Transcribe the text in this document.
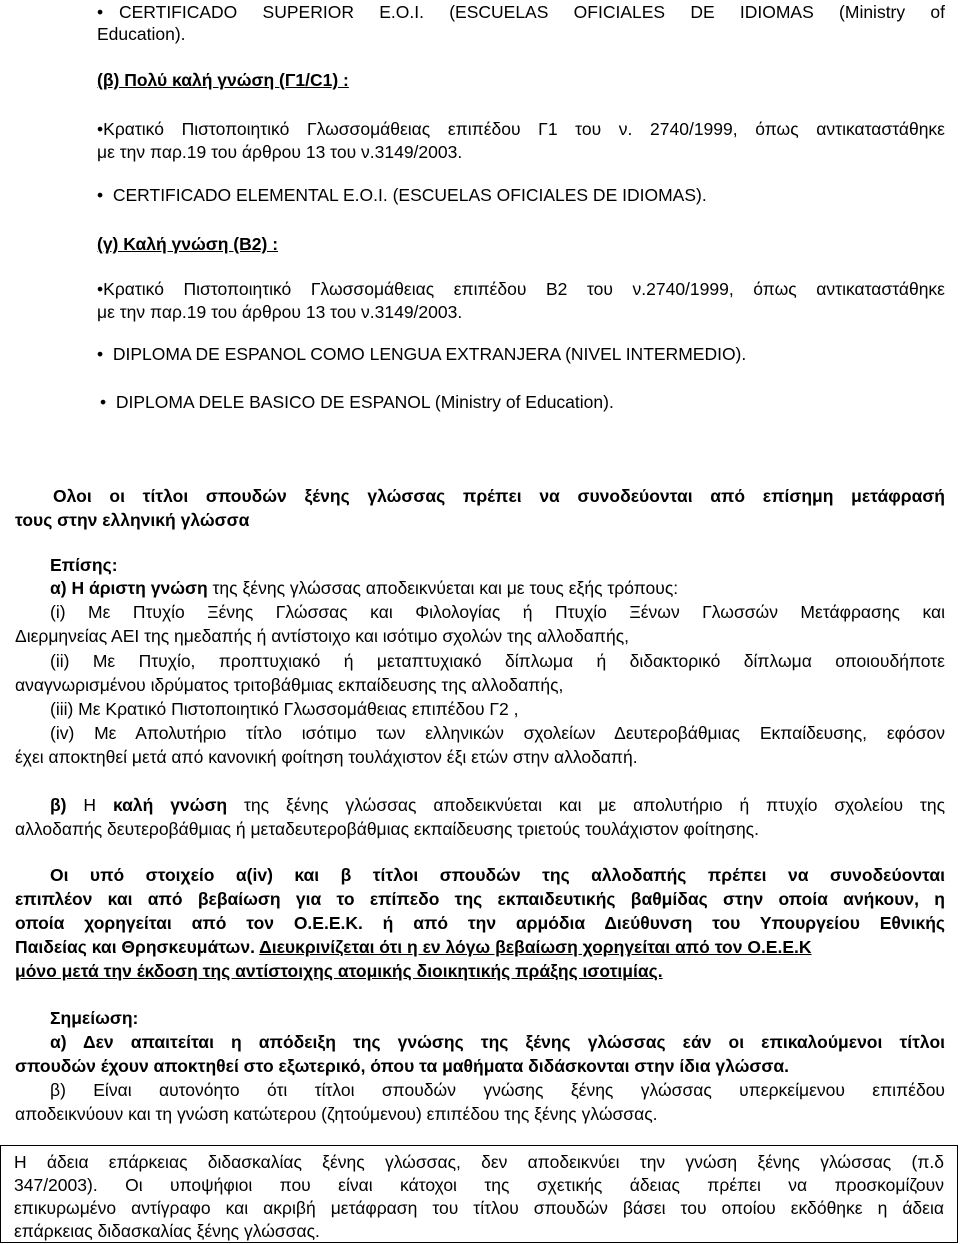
• CERTIFICADO SUPERIOR E.O.I. (ESCUELAS OFICIALES DE IDIOMAS (Ministry of
Education).
(β) Πολύ καλή γνώση (Γ1/C1) :
•Κρατικό Πιστοποιητικό Γλωσσομάθειας επιπέδου Γ1 του ν. 2740/1999, όπως αντικαταστάθηκε
με την παρ.19 του άρθρου 13 του ν.3149/2003.
• CERTIFICADO ELEMENTAL E.O.I. (ESCUELAS OFICIALES DE IDIOMAS).
(γ) Καλή γνώση (Β2) :
•Κρατικό Πιστοποιητικό Γλωσσομάθειας επιπέδου Β2 του ν.2740/1999, όπως αντικαταστάθηκε
με την παρ.19 του άρθρου 13 του ν.3149/2003.
• DIPLOMA DE ESPANOL COMO LENGUA EXTRANJERA (NIVEL INTERMEDIO).
• DIPLOMA DELE BASICO DE ESPANOL (Ministry of Education).
Ολοι οι τίτλοι σπουδών ξένης γλώσσας πρέπει να συνοδεύονται από επίσημη μετάφρασή
τους στην ελληνική γλώσσα
Επίσης:
α) Η άριστη γνώση της ξένης γλώσσας αποδεικνύεται και με τους εξής τρόπους:
(i) Με Πτυχίο Ξένης Γλώσσας και Φιλολογίας ή Πτυχίο Ξένων Γλωσσών Μετάφρασης και
Διερμηνείας ΑΕΙ της ημεδαπής ή αντίστοιχο και ισότιμο σχολών της αλλοδαπής,
(ii) Με Πτυχίο, προπτυχιακό ή μεταπτυχιακό δίπλωμα ή διδακτορικό δίπλωμα οποιουδήποτε
αναγνωρισμένου ιδρύματος τριτοβάθμιας εκπαίδευσης της αλλοδαπής,
(iii) Με Κρατικό Πιστοποιητικό Γλωσσομάθειας επιπέδου Γ2 ,
(iv) Με Απολυτήριο τίτλο ισότιμο των ελληνικών σχολείων Δευτεροβάθμιας Εκπαίδευσης, εφόσον
έχει αποκτηθεί μετά από κανονική φοίτηση τουλάχιστον έξι ετών στην αλλοδαπή.
β) Η καλή γνώση της ξένης γλώσσας αποδεικνύεται και με απολυτήριο ή πτυχίο σχολείου της
αλλοδαπής δευτεροβάθμιας ή μεταδευτεροβάθμιας εκπαίδευσης τριετούς τουλάχιστον φοίτησης.
Οι υπό στοιχείο α(iv) και β τίτλοι σπουδών της αλλοδαπής πρέπει να συνοδεύονται
επιπλέον και από βεβαίωση για το επίπεδο της εκπαιδευτικής βαθμίδας στην οποία ανήκουν, η
οποία χορηγείται από τον Ο.Ε.Ε.Κ. ή από την αρμόδια Διεύθυνση του Υπουργείου Εθνικής
Παιδείας και Θρησκευμάτων. Διευκρινίζεται ότι η εν λόγω βεβαίωση χορηγείται από τον Ο.Ε.Ε.Κ
μόνο μετά την έκδοση της αντίστοιχης ατομικής διοικητικής πράξης ισοτιμίας.
Σημείωση:
α) Δεν απαιτείται η απόδειξη της γνώσης της ξένης γλώσσας εάν οι επικαλούμενοι τίτλοι
σπουδών έχουν αποκτηθεί στο εξωτερικό, όπου τα μαθήματα διδάσκονται στην ίδια γλώσσα.
β) Είναι αυτονόητο ότι τίτλοι σπουδών γνώσης ξένης γλώσσας υπερκείμενου επιπέδου
αποδεικνύουν και τη γνώση κατώτερου (ζητούμενου) επιπέδου της ξένης γλώσσας.
Η άδεια επάρκειας διδασκαλίας ξένης γλώσσας, δεν αποδεικνύει την γνώση ξένης γλώσσας (π.δ
347/2003). Οι υποψήφιοι που είναι κάτοχοι της σχετικής άδειας πρέπει να προσκομίζουν
επικυρωμένο αντίγραφο και ακριβή μετάφραση του τίτλου σπουδών βάσει του οποίου εκδόθηκε η άδεια
επάρκειας διδασκαλίας ξένης γλώσσας.
